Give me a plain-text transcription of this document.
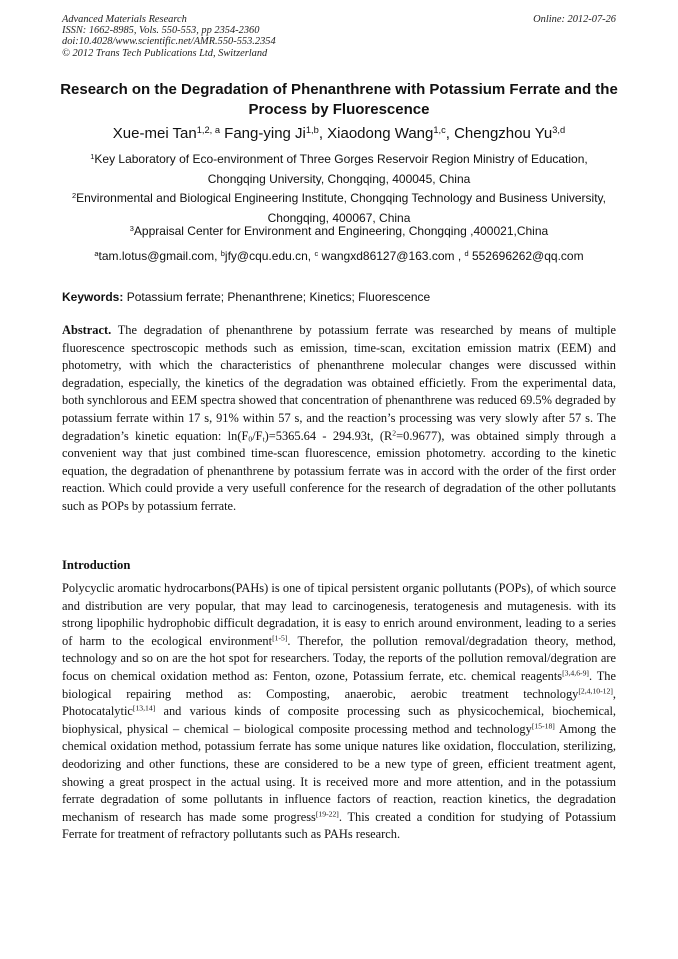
Advanced Materials Research	Online: 2012-07-26
ISSN: 1662-8985, Vols. 550-553, pp 2354-2360
doi:10.4028/www.scientific.net/AMR.550-553.2354
© 2012 Trans Tech Publications Ltd, Switzerland
Research on the Degradation of Phenanthrene with Potassium Ferrate and the Process by Fluorescence
Xue-mei Tan$^{1,2, a}$ Fang-ying Ji$^{1,b}$, Xiaodong Wang$^{1,c}$, Chengzhou Yu$^{3,d}$
$^1$Key Laboratory of Eco-environment of Three Gorges Reservoir Region Ministry of Education, Chongqing University, Chongqing, 400045, China
$^2$Environmental and Biological Engineering Institute, Chongqing Technology and Business University, Chongqing, 400067, China
$^3$Appraisal Center for Environment and Engineering, Chongqing ,400021,China
$^a$tam.lotus@gmail.com, $^b$jfy@cqu.edu.cn, $^c$ wangxd86127@163.com , $^d$ 552696262@qq.com
Keywords: Potassium ferrate; Phenanthrene; Kinetics; Fluorescence
Abstract. The degradation of phenanthrene by potassium ferrate was researched by means of multiple fluorescence spectroscopic methods such as emission, time-scan, excitation emission matrix (EEM) and photometry, with which the characteristics of phenanthrene molecular changes were discussed within degradation, especially, the kinetics of the degradation was obtained efficietly. From the experimental data, both synchlorous and EEM spectra showed that concentration of phenanthrene was reduced 69.5% degraded by potassium ferrate within 17 s, 91% within 57 s, and the reaction’s processing was very slowly after 57 s. The degradation’s kinetic equation: $\ln(F_0/F_t)=5365.64 - 294.93t$, $(R^2=0.9677)$, was obtained simply through a convenient way that just combined time-scan fluorescence, emission photometry. according to the kinetic equation, the degradation of phenanthrene by potassium ferrate was in accord with the order of the first order reaction. Which could provide a very usefull conference for the research of degradation of the other pollutants such as POPs by potassium ferrate.
Introduction
Polycyclic aromatic hydrocarbons(PAHs) is one of tipical persistent organic pollutants (POPs), of which source and distribution are very popular, that may lead to carcinogenesis, teratogenesis and mutagenesis. with its strong lipophilic hydrophobic difficult degradation, it is easy to enrich around environment, leading to a series of harm to the ecological environment[1-5]. Therefor, the pollution removal/degradation theory, method, technology and so on are the hot spot for researchers. Today, the reports of the pollution removal/degration are focus on chemical oxidation method as: Fenton, ozone, Potassium ferrate, etc. chemical reagents[3,4,6-9]. The biological repairing method as: Composting, anaerobic, aerobic treatment technology[2,4,10-12], Photocatalytic[13,14] and various kinds of composite processing such as physicochemical, biochemical, biophysical, physical – chemical – biological composite processing method and technology[15-18] Among the chemical oxidation method, potassium ferrate has some unique natures like oxidation, flocculation, sterilizing, deodorizing and other functions, these are considered to be a new type of green, efficient treatment agent, showing a great prospect in the actual using. It is received more and more attention, and in the potassium ferrate degradation of some pollutants in influence factors of reaction, reaction kinetics, the degradation mechanism of research has made some progress[19-22]. This created a condition for studying of Potassium Ferrate for treatment of refractory pollutants such as PAHs research.
